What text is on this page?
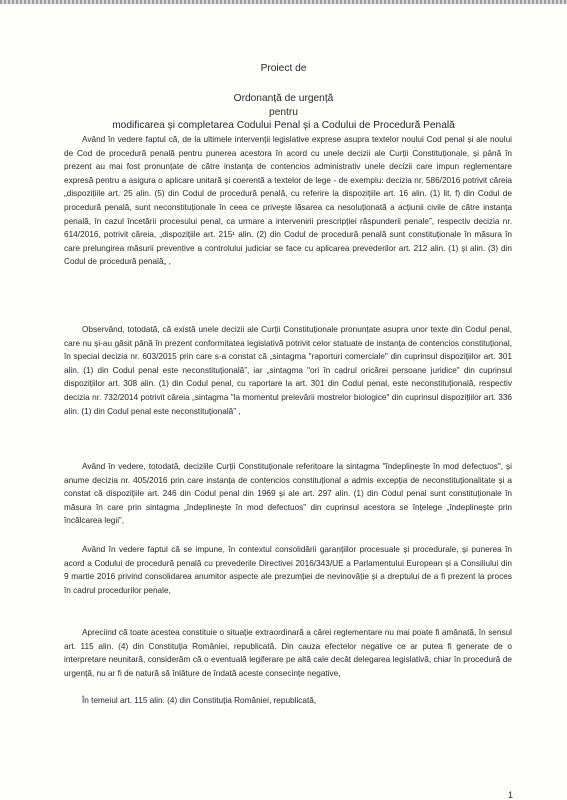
Proiect de
Ordonanță de urgență
pentru
modificarea și completarea Codului Penal și a Codului de Procedură Penală
Având în vedere faptul că, de la ultimele intervenții legislative exprese asupra textelor noului Cod penal și ale noului de Cod de procedură penală pentru punerea acestora în acord cu unele decizii ale Curții Constituționale, și până în prezent au mai fost pronunțate de către instanța de contencios administrativ unele decizii care impun reglementare expresă pentru a asigura o aplicare unitară și coerentă a textelor de lege - de exemplu: decizia nr. 586/2016 potrivit căreia „dispozițiile art. 25 alin. (5) din Codul de procedură penală, cu referire la dispozițiile art. 16 alin. (1) lit. f) din Codul de procedură penală, sunt neconstituționale în ceea ce privește lăsarea ca nesoluționată a acțiunii civile de către instanța penală, în cazul încetării procesului penal, ca urmare a intervenirii prescripției răspunderii penale”, respectiv decizia nr. 614/2016, potrivit căreia, „dispozițiile art. 215¹ alin. (2) din Codul de procedură penală sunt constituționale în măsura în care prelungirea măsurii preventive a controlului judiciar se face cu aplicarea prevederilor art. 212 alin. (1) și alin. (3) din Codul de procedură penală„ ,
Observând, totodată, că există unele decizii ale Curții Constituționale pronunțate asupra unor texte din Codul penal, care nu și-au găsit până în prezent conformitatea legislativă potrivit celor statuate de instanța de contencios constituțional, în special decizia nr. 603/2015 prin care s-a constat că „sintagma "raporturi comerciale" din cuprinsul dispozițiilor art. 301 alin. (1) din Codul penal este neconstituțională”, iar „sintagma "ori în cadrul oricărei persoane juridice" din cuprinsul dispozițiilor art. 308 alin. (1) din Codul penal, cu raportare la art. 301 din Codul penal, este neconstituțională, respectiv decizia nr. 732/2014 potrivit căreia „sintagma "la momentul prelevării mostrelor biologice" din cuprinsul dispozițiilor art. 336 alin. (1) din Codul penal este neconstituțională” ,
Având în vedere, totodată, deciziile Curții Constituționale referitoare la sintagma "îndeplinește în mod defectuos", și anume decizia nr. 405/2016 prin care instanța de contencios constituțional a admis excepția de neconstituționalitate și a constat că dispozițiile art. 246 din Codul penal din 1969 și ale art. 297 alin. (1) din Codul penal sunt constituționale în măsura în care prin sintagma „îndeplinește în mod defectuos” din cuprinsul acestora se înțelege „îndeplinește prin încălcarea legii”,
Având în vedere faptul că se impune, în contextul consolidării garanțiilor procesuale și procedurale, și punerea în acord a Codului de procedură penală cu prevederile Directivei 2016/343/UE a Parlamentului European și a Consiliului din 9 martie 2016 privind consolidarea anumitor aspecte ale prezumției de nevinovăție și a dreptului de a fi prezent la proces în cadrul procedurilor penale,
Apreciind că toate acestea constituie o situație extraordinară a cărei reglementare nu mai poate fi amânată, în sensul art. 115 alin. (4) din Constituția României, republicată. Din cauza efectelor negative ce ar putea fi generate de o interpretare neunitară, considerăm că o eventuală legiferare pe altă cale decât delegarea legislativă, chiar în procedură de urgență, nu ar fi de natură să înlăture de îndată aceste consecințe negative,
În temeiul art. 115 alin. (4) din Constituția României, republicată,
1
